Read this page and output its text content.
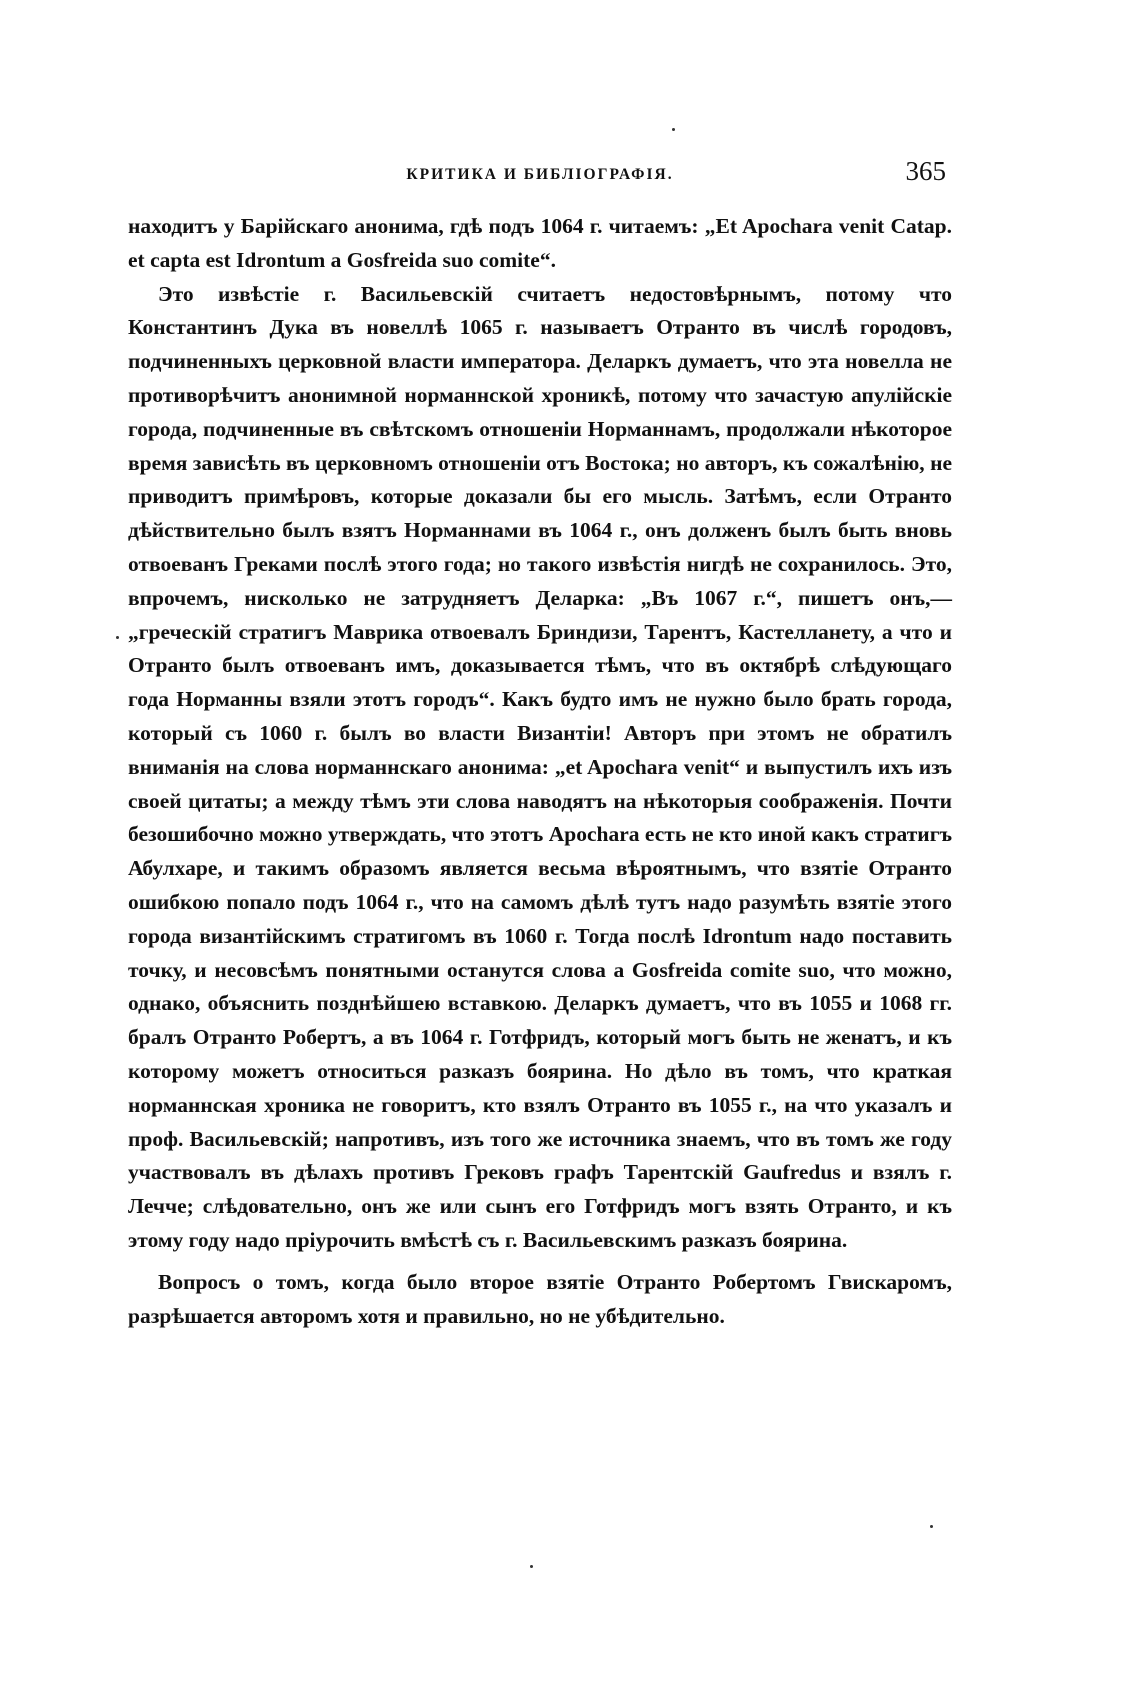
КРИТИКА И БИБЛІОГРАФІЯ.	365

находитъ у Барійскаго анонима, гдѣ подъ 1064 г. читаемъ: „Et Apochara venit Catap. et capta est Idrontum a Gosfreida suo comite“.

Это извѣстіе г. Васильевскій считаетъ недостовѣрнымъ, потому что Константинъ Дука въ новеллѣ 1065 г. называетъ Отранто въ числѣ городовъ, подчиненныхъ церковной власти императора. Деларкъ думаетъ, что эта новелла не противорѣчитъ анонимной норманнской хроникѣ, потому что зачастую апулійскіе города, подчиненные въ свѣтскомъ отношеніи Норманнамъ, продолжали нѣкоторое время зависѣть въ церковномъ отношеніи отъ Востока; но авторъ, къ сожалѣнію, не приводитъ примѣровъ, которые доказали бы его мысль. Затѣмъ, если Отранто дѣйствительно былъ взятъ Норманнами въ 1064 г., онъ долженъ былъ быть вновь отвоеванъ Греками послѣ этого года; но такого извѣстія нигдѣ не сохранилось. Это, впрочемъ, нисколько не затрудняетъ Деларка: „Въ 1067 г.“, пишетъ онъ,—„греческій стратигъ Маврика отвоевалъ Бриндизи, Тарентъ, Кастелланету, а что и Отранто былъ отвоеванъ имъ, доказывается тѣмъ, что въ октябрѣ слѣдующаго года Норманны взяли этотъ городъ“. Какъ будто имъ не нужно было брать города, который съ 1060 г. былъ во власти Византіи! Авторъ при этомъ не обратилъ вниманія на слова норманнскаго анонима: „et Apochara venit“ и выпустилъ ихъ изъ своей цитаты; а между тѣмъ эти слова наводятъ на нѣкоторыя соображенія. Почти безошибочно можно утверждать, что этотъ Apochara есть не кто иной какъ стратигъ Абулхаре, и такимъ образомъ является весьма вѣроятнымъ, что взятіе Отранто ошибкою попало подъ 1064 г., что на самомъ дѣлѣ тутъ надо разумѣть взятіе этого города византійскимъ стратигомъ въ 1060 г. Тогда послѣ Idrontum надо поставить точку, и несовсѣмъ понятными останутся слова a Gosfreida comite suo, что можно, однако, объяснить позднѣйшею вставкою. Деларкъ думаетъ, что въ 1055 и 1068 гг. бралъ Отранто Робертъ, а въ 1064 г. Готфридъ, который могъ быть не женатъ, и къ которому можетъ относиться разказъ боярина. Но дѣло въ томъ, что краткая норманнская хроника не говоритъ, кто взялъ Отранто въ 1055 г., на что указалъ и проф. Васильевскій; напротивъ, изъ того же источника знаемъ, что въ томъ же году участвовалъ въ дѣлахъ противъ Грековъ графъ Тарентскій Gaufredus и взялъ г. Лечче; слѣдовательно, онъ же или сынъ его Готфридъ могъ взять Отранто, и къ этому году надо пріурочить вмѣстѣ съ г. Васильевскимъ разказъ боярина.

Вопросъ о томъ, когда было второе взятіе Отранто Робертомъ Гвискаромъ, разрѣшается авторомъ хотя и правильно, но не убѣдительно.
